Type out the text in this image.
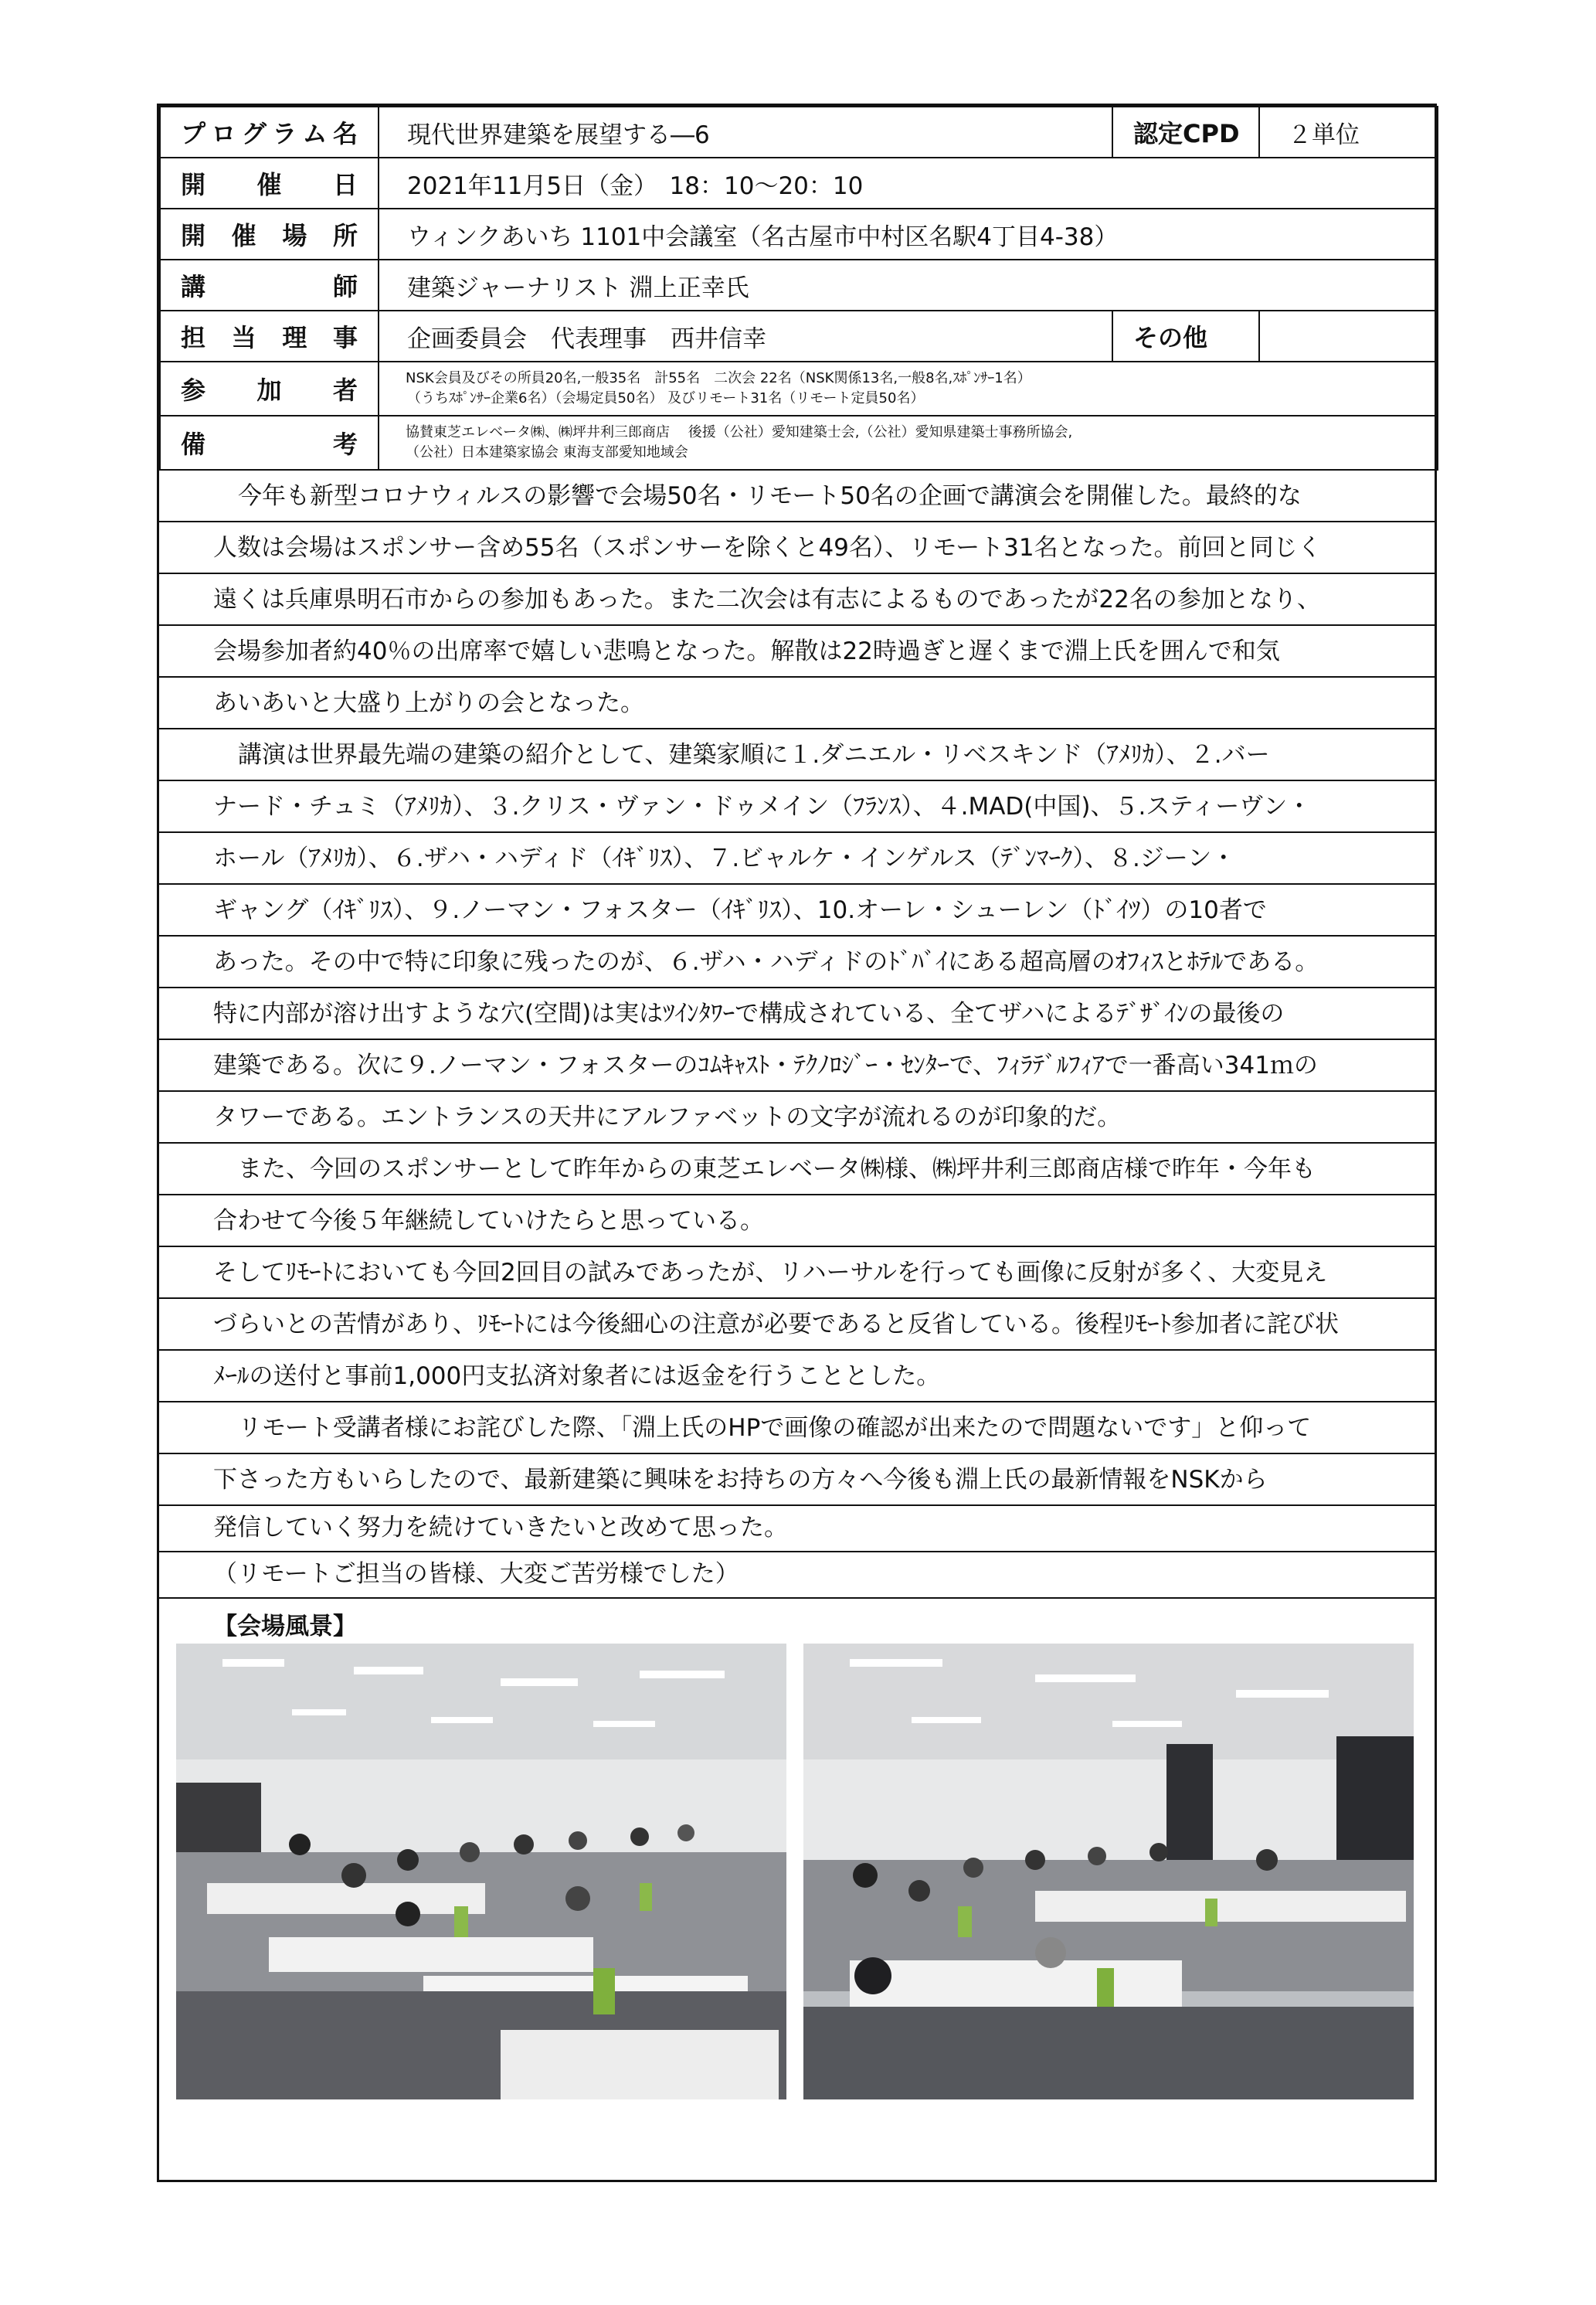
プログラム名	現代世界建築を展望する―6	認定CPD	２単位
開　催　日	2021年11月5日（金）　18：10～20：10		
開催場所	ウィンクあいち 1101中会議室（名古屋市中村区名駅4丁目4-38）		
講　　師	建築ジャーナリスト 淵上正幸氏		
担当理事	企画委員会　代表理事　西井信幸	その他	
参　加　者	NSK会員及びその所員20名,一般35名　計55名　二次会 22名（NSK関係13名,一般8名,ｽﾎﾟﾝｻｰ1名）
（うちｽﾎﾟﾝｻｰ企業6名）（会場定員50名） 及びリモート31名（リモート定員50名）		

備　　考	協賛東芝エレベータ㈱、㈱坪井利三郎商店　 後援（公社）愛知建築士会,（公社）愛知県建築士事務所協会,
（公社）日本建築家協会 東海支部愛知地域会		
今年も新型コロナウィルスの影響で会場50名・リモート50名の企画で講演会を開催した。最終的な
人数は会場はスポンサー含め55名（スポンサーを除くと49名）、リモート31名となった。前回と同じく
遠くは兵庫県明石市からの参加もあった。また二次会は有志によるものであったが22名の参加となり、
会場参加者約40％の出席率で嬉しい悲鳴となった。解散は22時過ぎと遅くまで淵上氏を囲んで和気
あいあいと大盛り上がりの会となった。
講演は世界最先端の建築の紹介として、建築家順に１.ダニエル・リベスキンド（ｱﾒﾘｶ）、２.バー
ナード・チュミ（ｱﾒﾘｶ）、３.クリス・ヴァン・ドゥメイン（ﾌﾗﾝｽ）、４.MAD(中国)、５.スティーヴン・
ホール（ｱﾒﾘｶ）、６.ザハ・ハディド（ｲｷﾞﾘｽ）、７.ビャルケ・インゲルス（ﾃﾞﾝﾏｰｸ）、８.ジーン・
ギャング（ｲｷﾞﾘｽ）、９.ノーマン・フォスター（ｲｷﾞﾘｽ）、10.オーレ・シューレン（ﾄﾞｲﾂ）の10者で
あった。その中で特に印象に残ったのが、６.ザハ・ハディドのﾄﾞﾊﾞｲにある超高層のｵﾌｨｽとﾎﾃﾙである。
特に内部が溶け出すような穴(空間)は実はﾂｲﾝﾀﾜｰで構成されている、全てザハによるﾃﾞｻﾞｲﾝの最後の
建築である。次に９.ノーマン・フォスターのｺﾑｷｬｽﾄ・ﾃｸﾉﾛｼﾞｰ・ｾﾝﾀｰで、ﾌｨﾗﾃﾞﾙﾌｨｱで一番高い341ｍの
タワーである。エントランスの天井にアルファベットの文字が流れるのが印象的だ。
また、今回のスポンサーとして昨年からの東芝エレベータ㈱様、㈱坪井利三郎商店様で昨年・今年も
合わせて今後５年継続していけたらと思っている。
そしてﾘﾓｰﾄにおいても今回2回目の試みであったが、リハーサルを行っても画像に反射が多く、大変見え
づらいとの苦情があり、ﾘﾓｰﾄには今後細心の注意が必要であると反省している。後程ﾘﾓｰﾄ参加者に詫び状
ﾒｰﾙの送付と事前1,000円支払済対象者には返金を行うこととした。
リモート受講者様にお詫びした際、「淵上氏のHPで画像の確認が出来たので問題ないです」と仰って
下さった方もいらしたので、最新建築に興味をお持ちの方々へ今後も淵上氏の最新情報をNSKから
発信していく努力を続けていきたいと改めて思った。
（リモートご担当の皆様、大変ご苦労様でした）
【会場風景】
